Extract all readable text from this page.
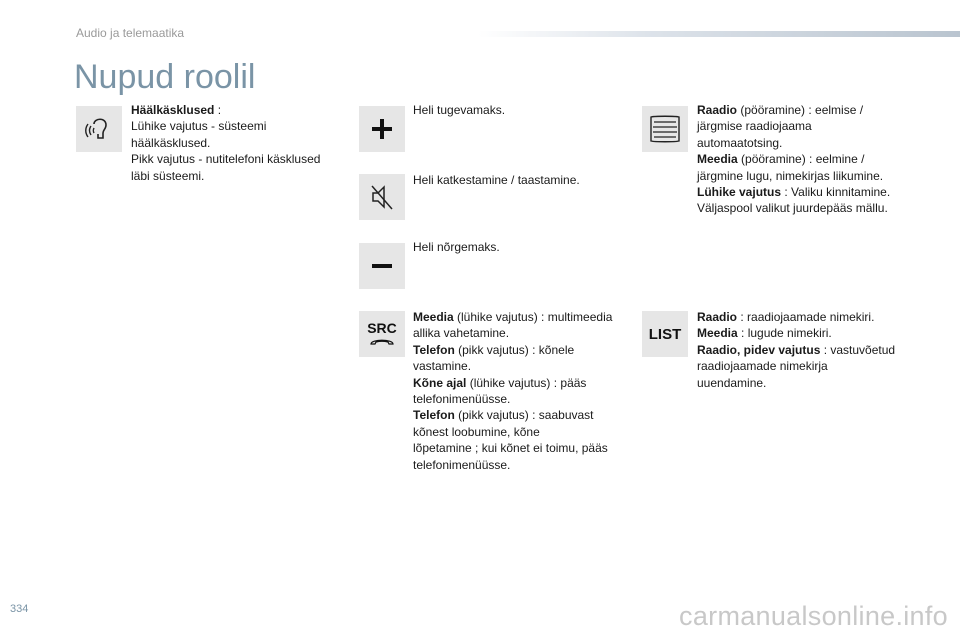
Audio ja telemaatika
Nupud roolil
Häälkäsklused :
Lühike vajutus - süsteemi
häälkäsklused.
Pikk vajutus - nutitelefoni käsklused
läbi süsteemi.
Heli tugevamaks.
Heli katkestamine / taastamine.
Heli nõrgemaks.
SRC
Meedia (lühike vajutus) : multimeedia
allika vahetamine.
Telefon (pikk vajutus) : kõnele
vastamine.
Kõne ajal (lühike vajutus) : pääs
telefonimenüüsse.
Telefon (pikk vajutus) : saabuvast
kõnest loobumine, kõne
lõpetamine ; kui kõnet ei toimu, pääs
telefonimenüüsse.
Raadio (pööramine) : eelmise /
järgmise raadiojaama
automaatotsing.
Meedia (pööramine) : eelmine /
järgmine lugu, nimekirjas liikumine.
Lühike vajutus : Valiku kinnitamine.
Väljaspool valikut juurdepääs mällu.
LIST
Raadio : raadiojaamade nimekiri.
Meedia : lugude nimekiri.
Raadio, pidev vajutus : vastuvõetud
raadiojaamade nimekirja
uuendamine.
334	carmanualsonline.info
